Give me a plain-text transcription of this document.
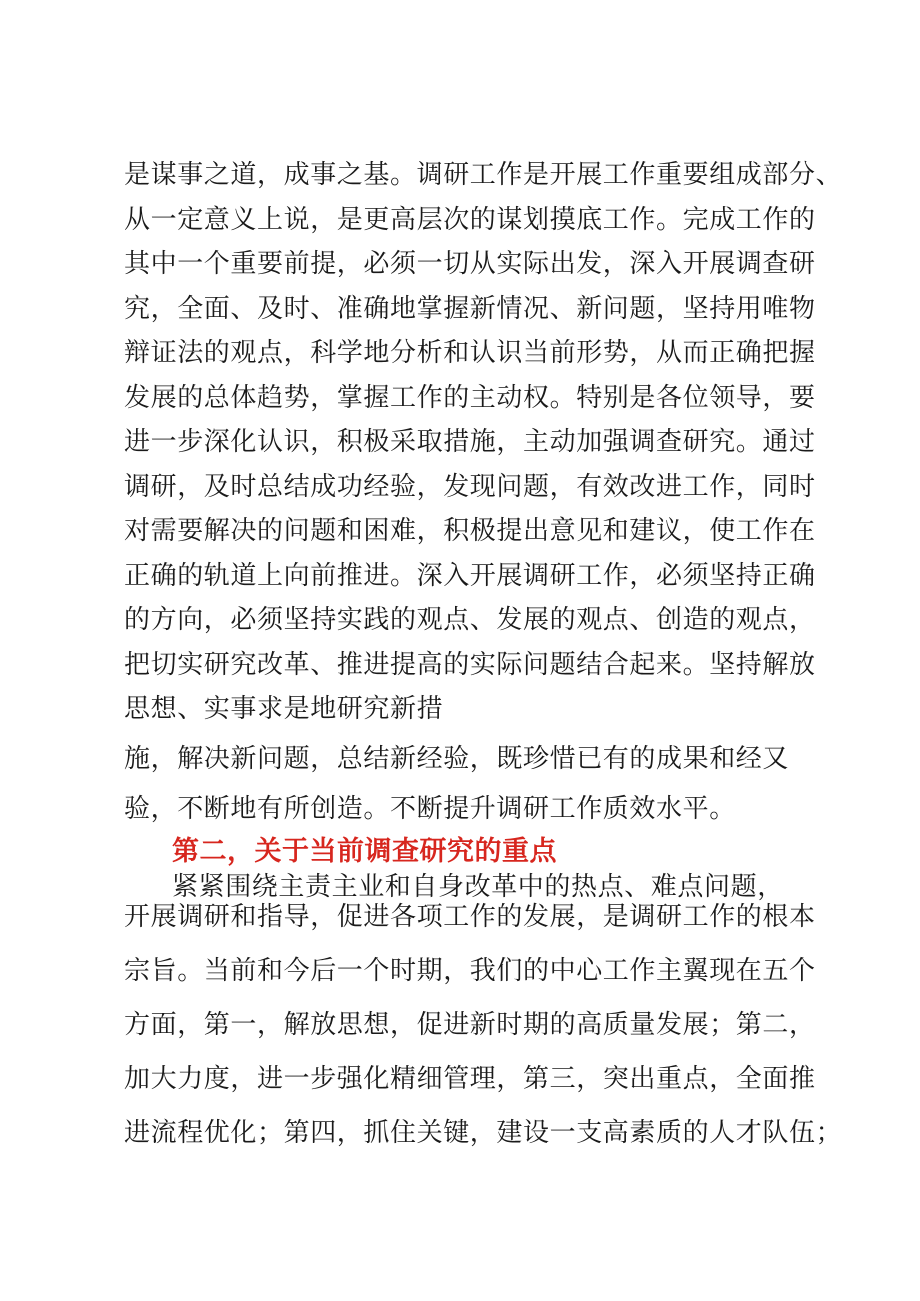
是谋事之道，成事之基。调研工作是开展工作重要组成部分、
从一定意义上说，是更高层次的谋划摸底工作。完成工作的
其中一个重要前提，必须一切从实际出发，深入开展调查研
究，全面、及时、准确地掌握新情况、新问题，坚持用唯物
辩证法的观点，科学地分析和认识当前形势，从而正确把握
发展的总体趋势，掌握工作的主动权。特别是各位领导，要
进一步深化认识，积极采取措施，主动加强调查研究。通过
调研，及时总结成功经验，发现问题，有效改进工作，同时
对需要解决的问题和困难，积极提出意见和建议，使工作在
正确的轨道上向前推进。深入开展调研工作，必须坚持正确
的方向，必须坚持实践的观点、发展的观点、创造的观点，
把切实研究改革、推进提高的实际问题结合起来。坚持解放
思想、实事求是地研究新措
施，解决新问题，总结新经验，既珍惜已有的成果和经又
验，不断地有所创造。不断提升调研工作质效水平。
第二，关于当前调查研究的重点
紧紧围绕主责主业和自身改革中的热点、难点问题，
开展调研和指导，促进各项工作的发展，是调研工作的根本
宗旨。当前和今后一个时期，我们的中心工作主翼现在五个
方面，第一，解放思想，促进新时期的高质量发展；第二，
加大力度，进一步强化精细管理，第三，突出重点，全面推
进流程优化；第四，抓住关键，建设一支高素质的人才队伍；
